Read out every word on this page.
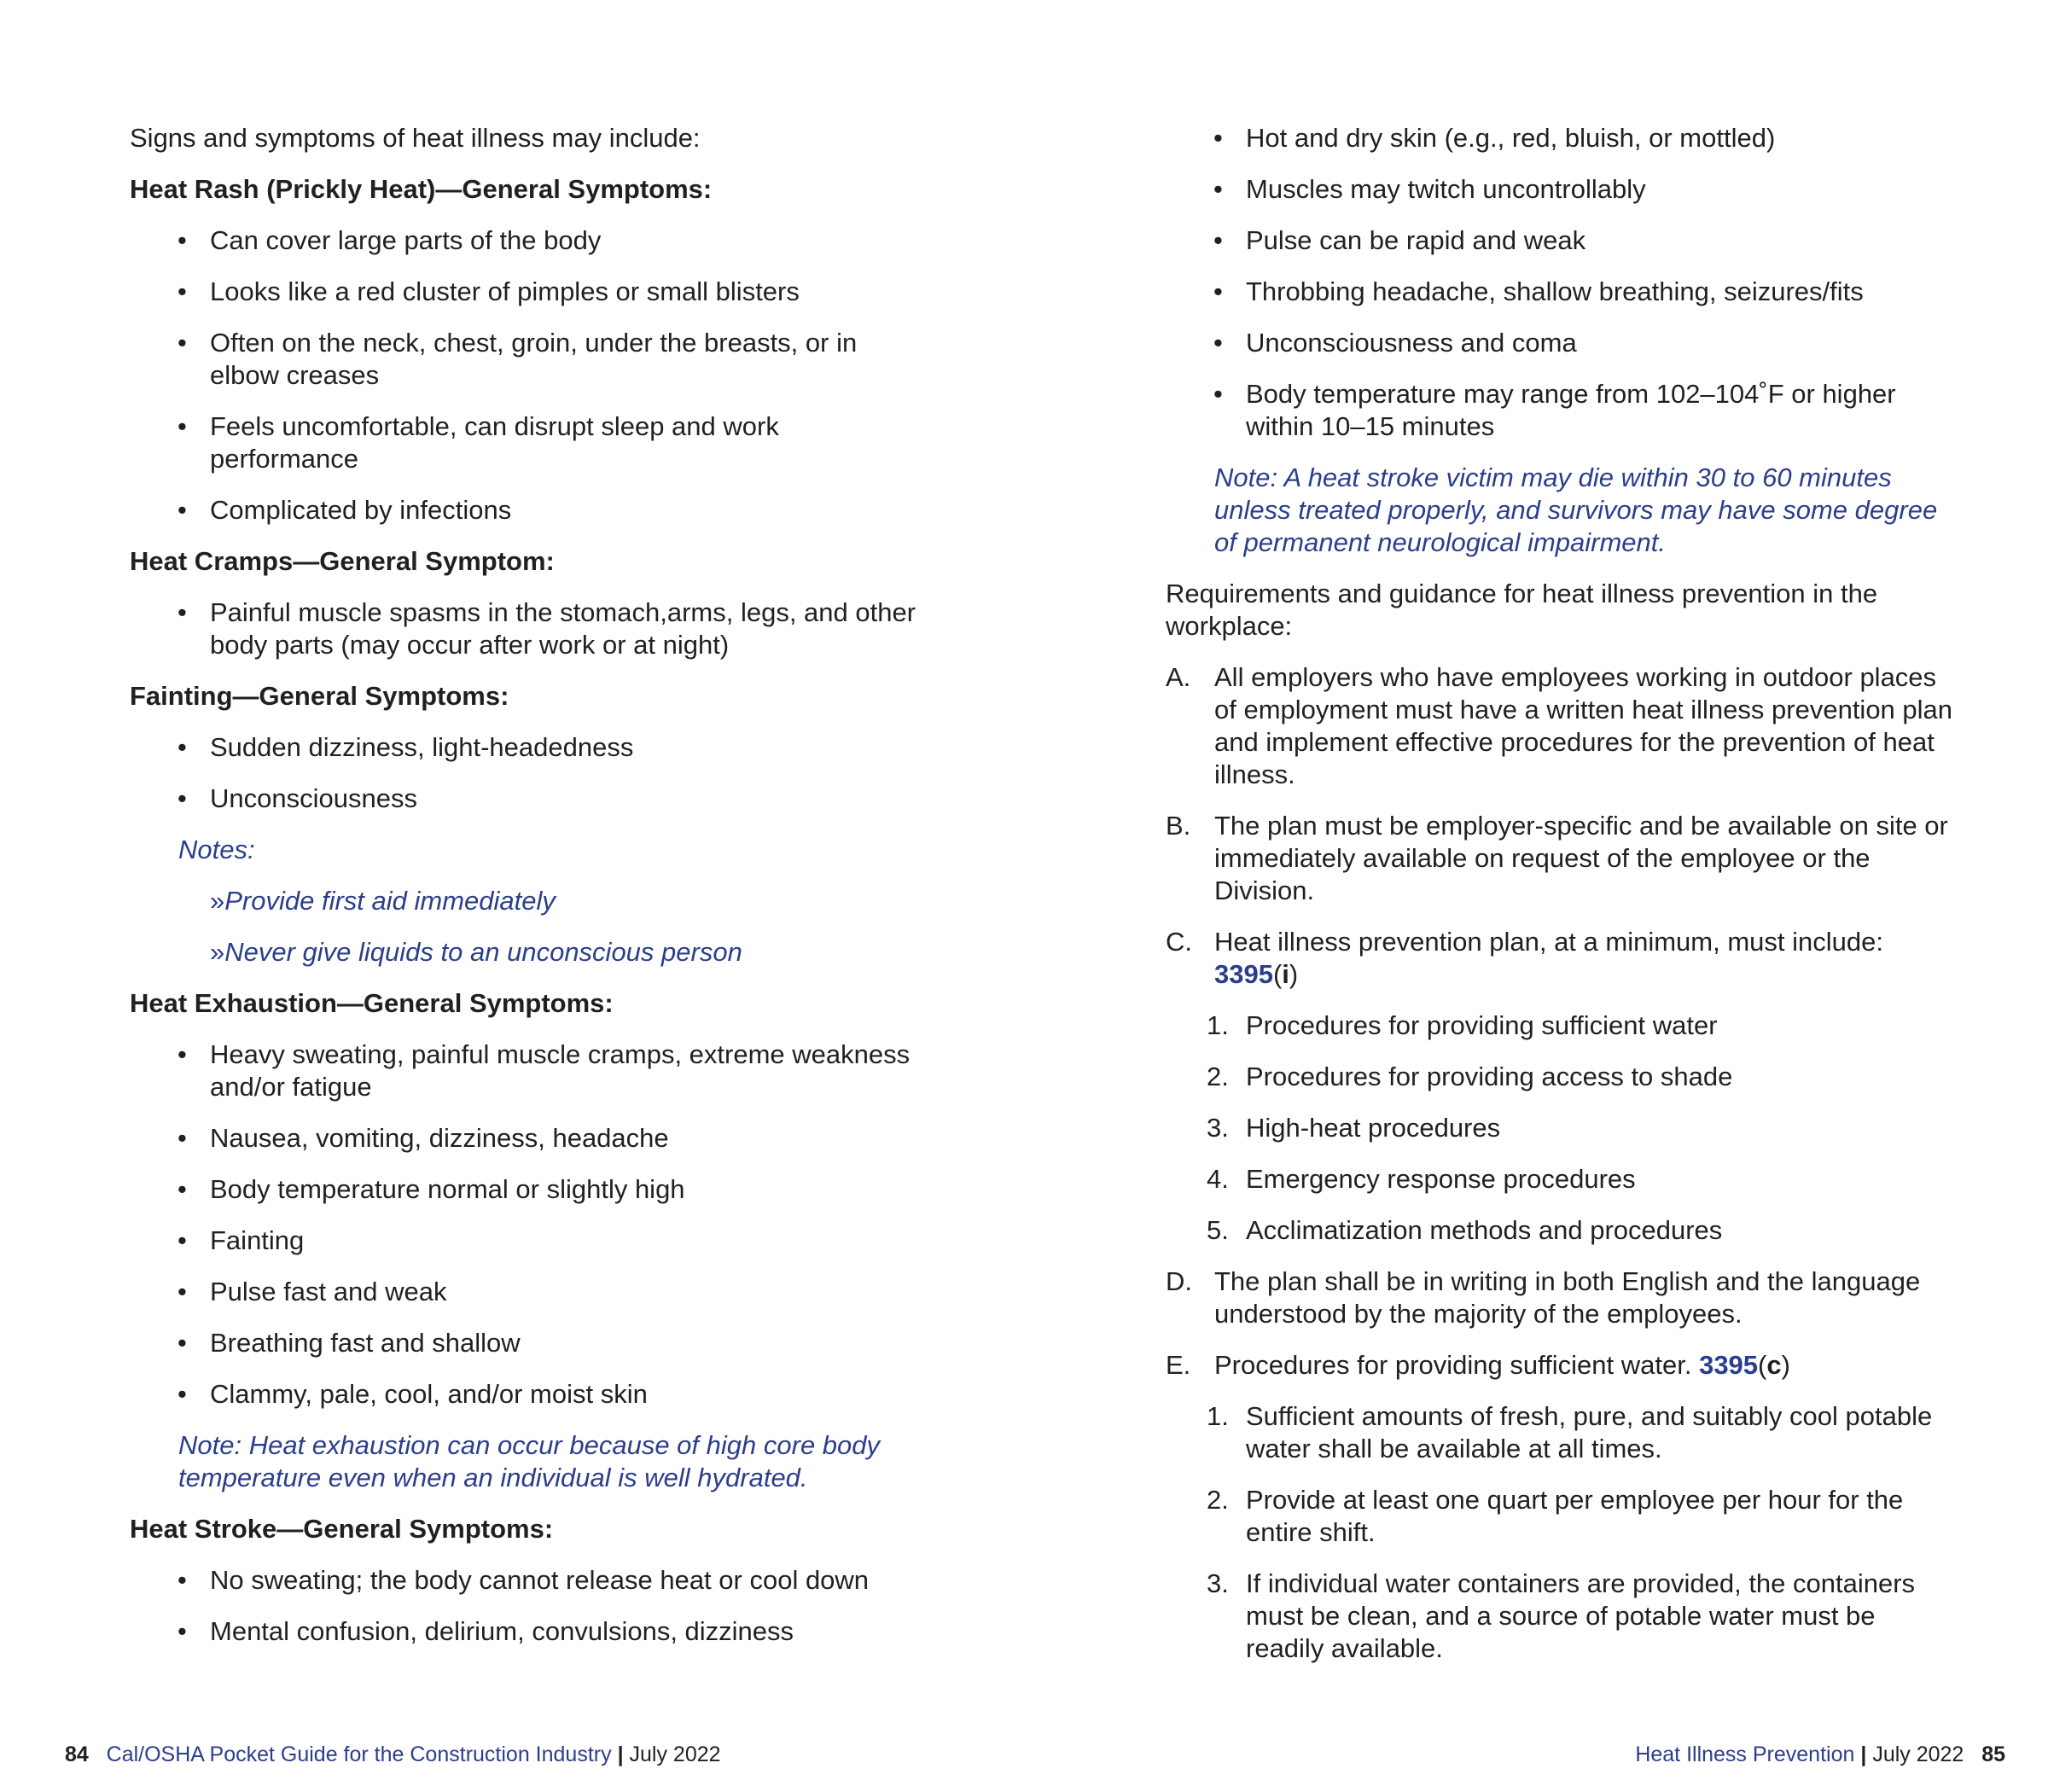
Signs and symptoms of heat illness may include:

Heat Rash (Prickly Heat)—General Symptoms:

• Can cover large parts of the body
• Looks like a red cluster of pimples or small blisters
• Often on the neck, chest, groin, under the breasts, or in elbow creases
• Feels uncomfortable, can disrupt sleep and work performance
• Complicated by infections

Heat Cramps—General Symptom:

• Painful muscle spasms in the stomach,arms, legs, and other body parts (may occur after work or at night)

Fainting—General Symptoms:

• Sudden dizziness, light-headedness
• Unconsciousness

Notes:

»Provide first aid immediately

»Never give liquids to an unconscious person

Heat Exhaustion—General Symptoms:

• Heavy sweating, painful muscle cramps, extreme weakness and/or fatigue
• Nausea, vomiting, dizziness, headache
• Body temperature normal or slightly high
• Fainting
• Pulse fast and weak
• Breathing fast and shallow
• Clammy, pale, cool, and/or moist skin

Note: Heat exhaustion can occur because of high core body temperature even when an individual is well hydrated.

Heat Stroke—General Symptoms:

• No sweating; the body cannot release heat or cool down
• Mental confusion, delirium, convulsions, dizziness
• Hot and dry skin (e.g., red, bluish, or mottled)
• Muscles may twitch uncontrollably
• Pulse can be rapid and weak
• Throbbing headache, shallow breathing, seizures/fits
• Unconsciousness and coma
• Body temperature may range from 102–104˚F or higher within 10–15 minutes

Note: A heat stroke victim may die within 30 to 60 minutes unless treated properly, and survivors may have some degree of permanent neurological impairment.

Requirements and guidance for heat illness prevention in the workplace:

A. All employers who have employees working in outdoor places of employment must have a written heat illness prevention plan and implement effective procedures for the prevention of heat illness.
B. The plan must be employer-specific and be available on site or immediately available on request of the employee or the Division.
C. Heat illness prevention plan, at a minimum, must include:
3395(i)
1. Procedures for providing sufficient water
2. Procedures for providing access to shade
3. High-heat procedures
4. Emergency response procedures
5. Acclimatization methods and procedures
D. The plan shall be in writing in both English and the language understood by the majority of the employees.
E. Procedures for providing sufficient water. 3395(c)
1. Sufficient amounts of fresh, pure, and suitably cool potable water shall be available at all times.
2. Provide at least one quart per employee per hour for the entire shift.
3. If individual water containers are provided, the containers must be clean, and a source of potable water must be readily available.
84 Cal/OSHA Pocket Guide for the Construction Industry | July 2022	Heat Illness Prevention | July 2022 85
